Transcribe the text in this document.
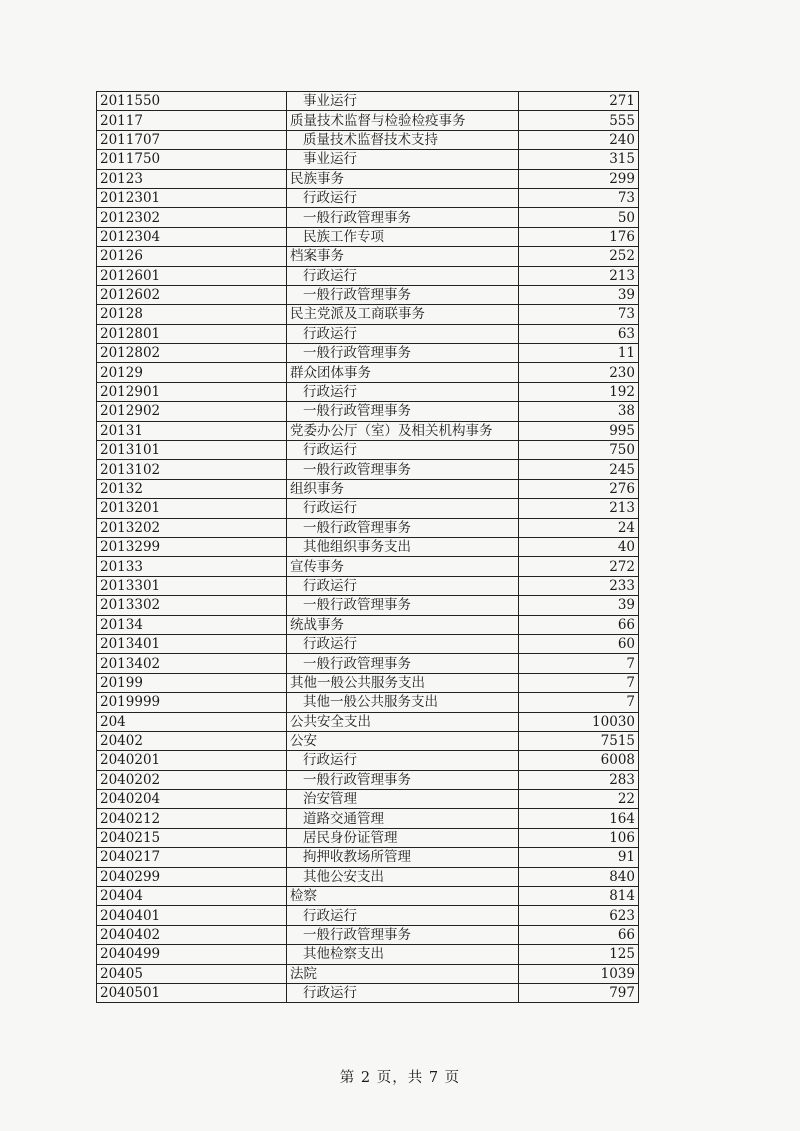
2011550	事业运行	271
20117	质量技术监督与检验检疫事务	555
2011707	质量技术监督技术支持	240
2011750	事业运行	315
20123	民族事务	299
2012301	行政运行	73
2012302	一般行政管理事务	50
2012304	民族工作专项	176
20126	档案事务	252
2012601	行政运行	213
2012602	一般行政管理事务	39
20128	民主党派及工商联事务	73
2012801	行政运行	63
2012802	一般行政管理事务	11
20129	群众团体事务	230
2012901	行政运行	192
2012902	一般行政管理事务	38
20131	党委办公厅（室）及相关机构事务	995
2013101	行政运行	750
2013102	一般行政管理事务	245
20132	组织事务	276
2013201	行政运行	213
2013202	一般行政管理事务	24
2013299	其他组织事务支出	40
20133	宣传事务	272
2013301	行政运行	233
2013302	一般行政管理事务	39
20134	统战事务	66
2013401	行政运行	60
2013402	一般行政管理事务	7
20199	其他一般公共服务支出	7
2019999	其他一般公共服务支出	7
204	公共安全支出	10030
20402	公安	7515
2040201	行政运行	6008
2040202	一般行政管理事务	283
2040204	治安管理	22
2040212	道路交通管理	164
2040215	居民身份证管理	106
2040217	拘押收教场所管理	91
2040299	其他公安支出	840
20404	检察	814
2040401	行政运行	623
2040402	一般行政管理事务	66
2040499	其他检察支出	125
20405	法院	1039
2040501	行政运行	797
第 2 页，共 7 页
